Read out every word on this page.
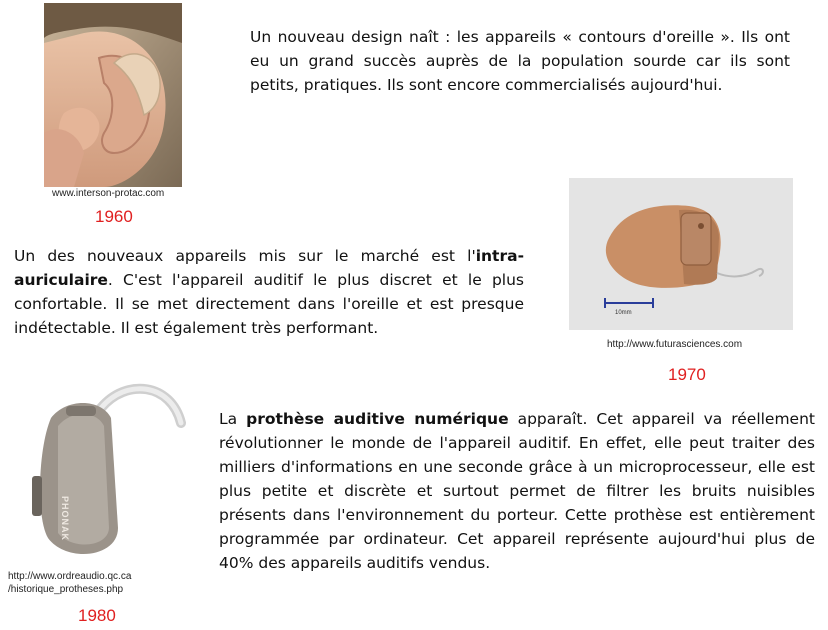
www.interson-protac.com
1960
Un nouveau design naît : les appareils « contours d'oreille ». Ils ont eu un grand succès auprès de la population sourde car ils sont petits, pratiques. Ils sont encore commercialisés aujourd'hui.
Un des nouveaux appareils mis sur le marché est l'intra-auriculaire. C'est l'appareil auditif le plus discret et le plus confortable. Il se met directement dans l'oreille et est presque indétectable. Il est également très performant.
10mm
http://www.futurasciences.com
1970
PHONAK
http://www.ordreaudio.qc.ca
/historique_protheses.php
1980
La prothèse auditive numérique apparaît. Cet appareil va réellement révolutionner le monde de l'appareil auditif. En effet, elle peut traiter des milliers d'informations en une seconde grâce à un microprocesseur, elle est plus petite et discrète et surtout permet de filtrer les bruits nuisibles présents dans l'environnement du porteur. Cette prothèse est entièrement programmée par ordinateur. Cet appareil représente aujourd'hui plus de 40% des appareils auditifs vendus.
